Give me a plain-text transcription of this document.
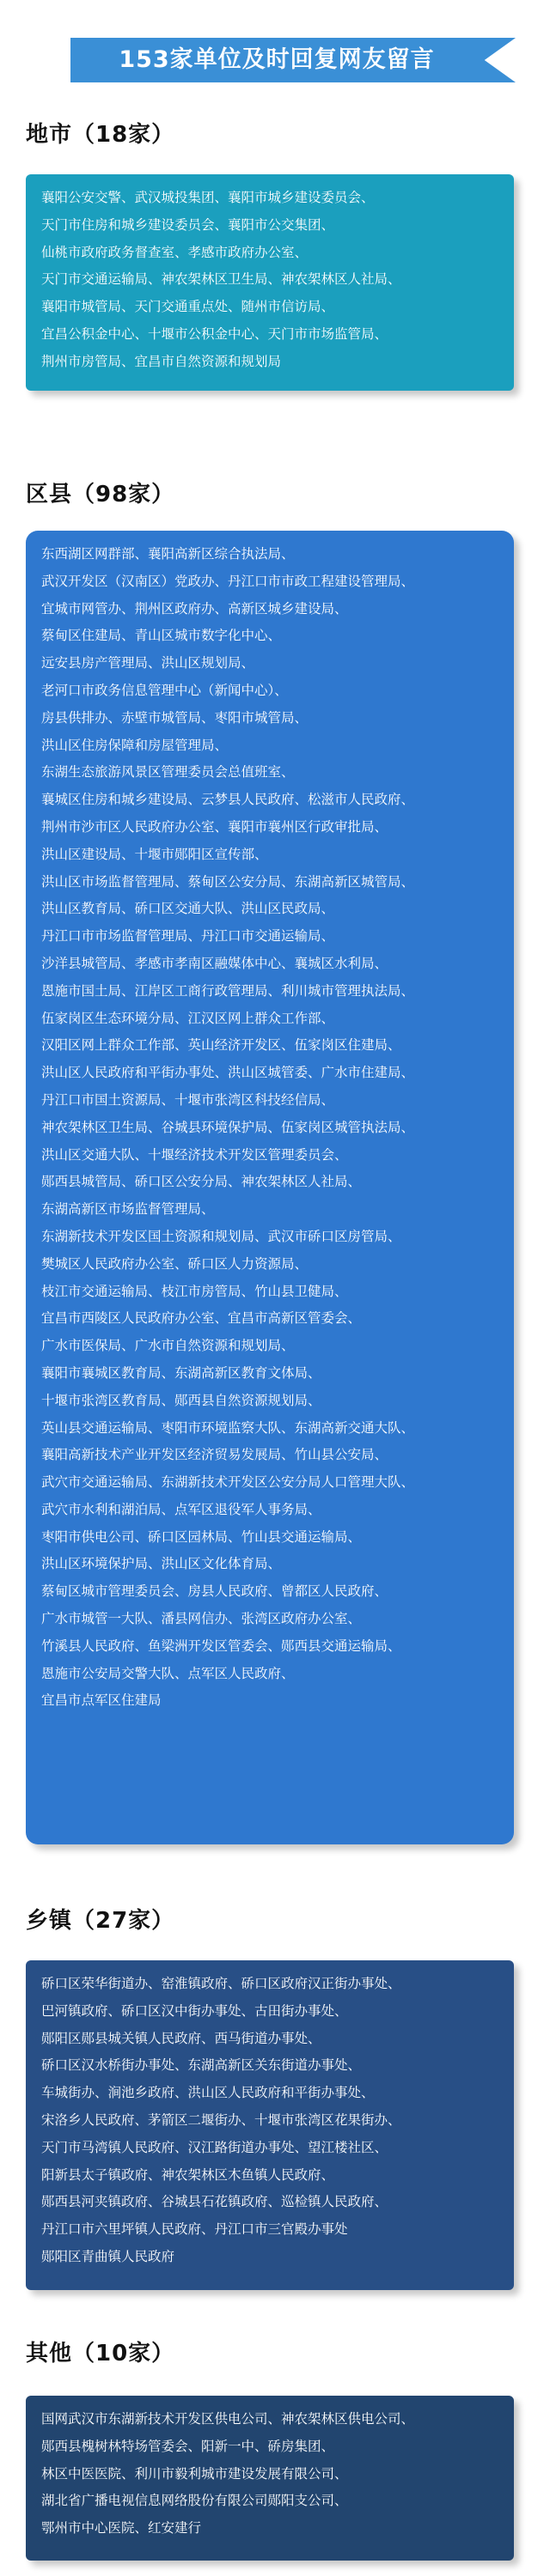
153家单位及时回复网友留言
地市（18家）
襄阳公安交警、武汉城投集团、襄阳市城乡建设委员会、
天门市住房和城乡建设委员会、襄阳市公交集团、
仙桃市政府政务督查室、孝感市政府办公室、
天门市交通运输局、神农架林区卫生局、神农架林区人社局、
襄阳市城管局、天门交通重点处、随州市信访局、
宜昌公积金中心、十堰市公积金中心、天门市市场监管局、
荆州市房管局、宜昌市自然资源和规划局
区县（98家）
东西湖区网群部、襄阳高新区综合执法局、
武汉开发区（汉南区）党政办、丹江口市市政工程建设管理局、
宜城市网管办、荆州区政府办、高新区城乡建设局、
蔡甸区住建局、青山区城市数字化中心、
远安县房产管理局、洪山区规划局、
老河口市政务信息管理中心（新闻中心）、
房县供排办、赤壁市城管局、枣阳市城管局、
洪山区住房保障和房屋管理局、
东湖生态旅游风景区管理委员会总值班室、
襄城区住房和城乡建设局、云梦县人民政府、松滋市人民政府、
荆州市沙市区人民政府办公室、襄阳市襄州区行政审批局、
洪山区建设局、十堰市郧阳区宣传部、
洪山区市场监督管理局、蔡甸区公安分局、东湖高新区城管局、
洪山区教育局、硚口区交通大队、洪山区民政局、
丹江口市市场监督管理局、丹江口市交通运输局、
沙洋县城管局、孝感市孝南区融媒体中心、襄城区水利局、
恩施市国土局、江岸区工商行政管理局、利川城市管理执法局、
伍家岗区生态环境分局、江汉区网上群众工作部、
汉阳区网上群众工作部、英山经济开发区、伍家岗区住建局、
洪山区人民政府和平街办事处、洪山区城管委、广水市住建局、
丹江口市国土资源局、十堰市张湾区科技经信局、
神农架林区卫生局、谷城县环境保护局、伍家岗区城管执法局、
洪山区交通大队、十堰经济技术开发区管理委员会、
郧西县城管局、硚口区公安分局、神农架林区人社局、
东湖高新区市场监督管理局、
东湖新技术开发区国土资源和规划局、武汉市硚口区房管局、
樊城区人民政府办公室、硚口区人力资源局、
枝江市交通运输局、枝江市房管局、竹山县卫健局、
宜昌市西陵区人民政府办公室、宜昌市高新区管委会、
广水市医保局、广水市自然资源和规划局、
襄阳市襄城区教育局、东湖高新区教育文体局、
十堰市张湾区教育局、郧西县自然资源规划局、
英山县交通运输局、枣阳市环境监察大队、东湖高新交通大队、
襄阳高新技术产业开发区经济贸易发展局、竹山县公安局、
武穴市交通运输局、东湖新技术开发区公安分局人口管理大队、
武穴市水利和湖泊局、点军区退役军人事务局、
枣阳市供电公司、硚口区园林局、竹山县交通运输局、
洪山区环境保护局、洪山区文化体育局、
蔡甸区城市管理委员会、房县人民政府、曾都区人民政府、
广水市城管一大队、潘县网信办、张湾区政府办公室、
竹溪县人民政府、鱼梁洲开发区管委会、郧西县交通运输局、
恩施市公安局交警大队、点军区人民政府、
宜昌市点军区住建局
乡镇（27家）
硚口区荣华街道办、窑淮镇政府、硚口区政府汉正街办事处、
巴河镇政府、硚口区汉中街办事处、古田街办事处、
郧阳区郧县城关镇人民政府、西马街道办事处、
硚口区汉水桥街办事处、东湖高新区关东街道办事处、
车城街办、涧池乡政府、洪山区人民政府和平街办事处、
宋洛乡人民政府、茅箭区二堰街办、十堰市张湾区花果街办、
天门市马湾镇人民政府、汉江路街道办事处、望江楼社区、
阳新县太子镇政府、神农架林区木鱼镇人民政府、
郧西县河夹镇政府、谷城县石花镇政府、巡检镇人民政府、
丹江口市六里坪镇人民政府、丹江口市三官殿办事处
郧阳区青曲镇人民政府
其他（10家）
国网武汉市东湖新技术开发区供电公司、神农架林区供电公司、
郧西县槐树林特场管委会、阳新一中、硚房集团、
林区中医医院、利川市毅利城市建设发展有限公司、
湖北省广播电视信息网络股份有限公司郧阳支公司、
鄂州市中心医院、红安建行
